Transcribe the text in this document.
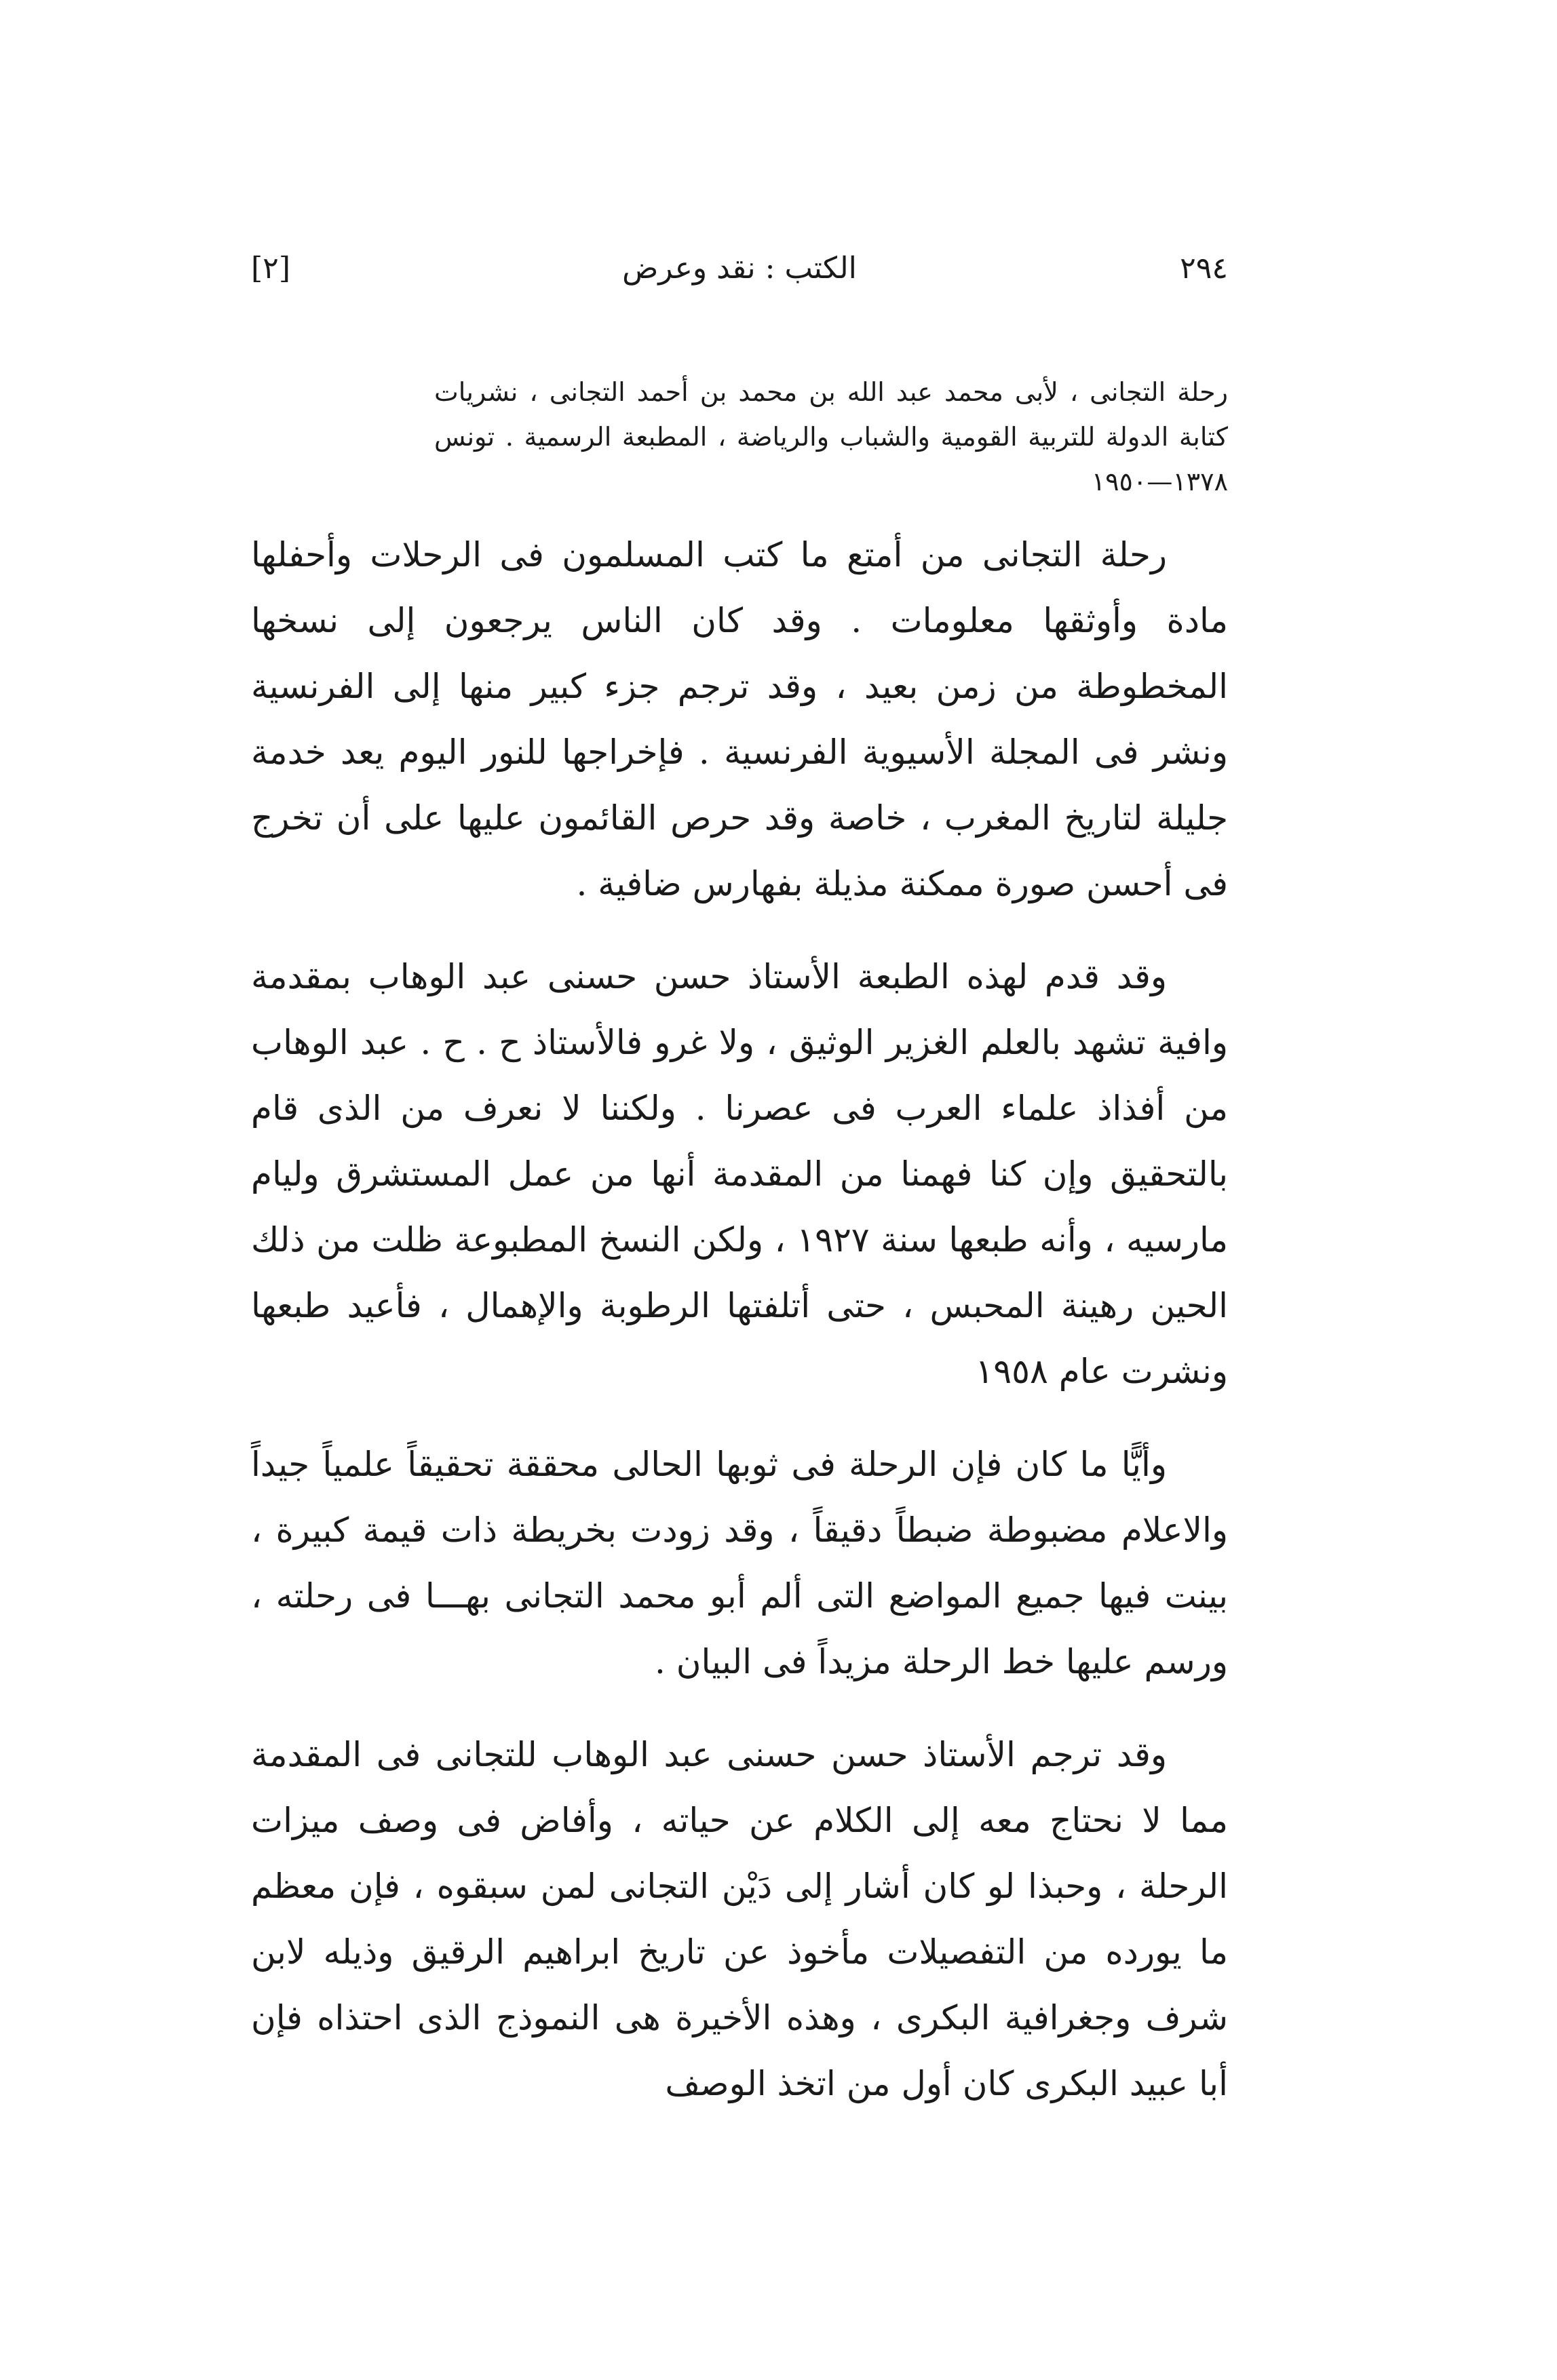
٢٩٤
الكتب : نقد وعرض
[٢]
رحلة التجانى ، لأبى محمد عبد الله بن محمد بن أحمد التجانى ، نشريات كتابة الدولة للتربية القومية والشباب والرياضة ، المطبعة الرسمية . تونس ١٣٧٨—١٩٥٠

رحلة التجانى من أمتع ما كتب المسلمون فى الرحلات وأحفلها مادة وأوثقها معلومات . وقد كان الناس يرجعون إلى نسخها المخطوطة من زمن بعيد ، وقد ترجم جزء كبير منها إلى الفرنسية ونشر فى المجلة الأسيوية الفرنسية . فإخراجها للنور اليوم يعد خدمة جليلة لتاريخ المغرب ، خاصة وقد حرص القائمون عليها على أن تخرج فى أحسن صورة ممكنة مذيلة بفهارس ضافية .

وقد قدم لهذه الطبعة الأستاذ حسن حسنى عبد الوهاب بمقدمة وافية تشهد بالعلم الغزير الوثيق ، ولا غرو فالأستاذ ح . ح . عبد الوهاب من أفذاذ علماء العرب فى عصرنا . ولكننا لا نعرف من الذى قام بالتحقيق وإن كنا فهمنا من المقدمة أنها من عمل المستشرق وليام مارسيه ، وأنه طبعها سنة ١٩٢٧ ، ولكن النسخ المطبوعة ظلت من ذلك الحين رهينة المحبس ، حتى أتلفتها الرطوبة والإهمال ، فأعيد طبعها ونشرت عام ١٩٥٨

وأيًّا ما كان فإن الرحلة فى ثوبها الحالى محققة تحقيقاً علمياً جيداً والاعلام مضبوطة ضبطاً دقيقاً ، وقد زودت بخريطة ذات قيمة كبيرة ، بينت فيها جميع المواضع التى ألم أبو محمد التجانى بهـــا فى رحلته ، ورسم عليها خط الرحلة مزيداً فى البيان .

وقد ترجم الأستاذ حسن حسنى عبد الوهاب للتجانى فى المقدمة مما لا نحتاج معه إلى الكلام عن حياته ، وأفاض فى وصف ميزات الرحلة ، وحبذا لو كان أشار إلى دَيْن التجانى لمن سبقوه ، فإن معظم ما يورده من التفصيلات مأخوذ عن تاريخ ابراهيم الرقيق وذيله لابن شرف وجغرافية البكرى ، وهذه الأخيرة هى النموذج الذى احتذاه فإن أبا عبيد البكرى كان أول من اتخذ الوصف
